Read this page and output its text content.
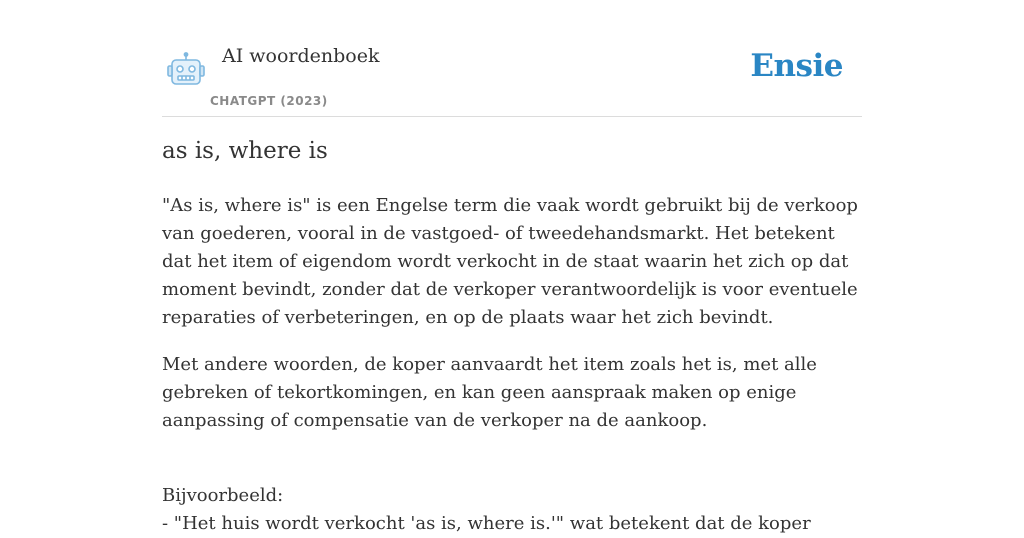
AI woordenboek
CHATGPT (2023)
Ensie
as is, where is

"As is, where is" is een Engelse term die vaak wordt gebruikt bij de verkoop van goederen, vooral in de vastgoed- of tweedehandsmarkt. Het betekent dat het item of eigendom wordt verkocht in de staat waarin het zich op dat moment bevindt, zonder dat de verkoper verantwoordelijk is voor eventuele reparaties of verbeteringen, en op de plaats waar het zich bevindt.

Met andere woorden, de koper aanvaardt het item zoals het is, met alle gebreken of tekortkomingen, en kan geen aanspraak maken op enige aanpassing of compensatie van de verkoper na de aankoop.

Bijvoorbeeld:
- "Het huis wordt verkocht 'as is, where is.'" wat betekent dat de koper
